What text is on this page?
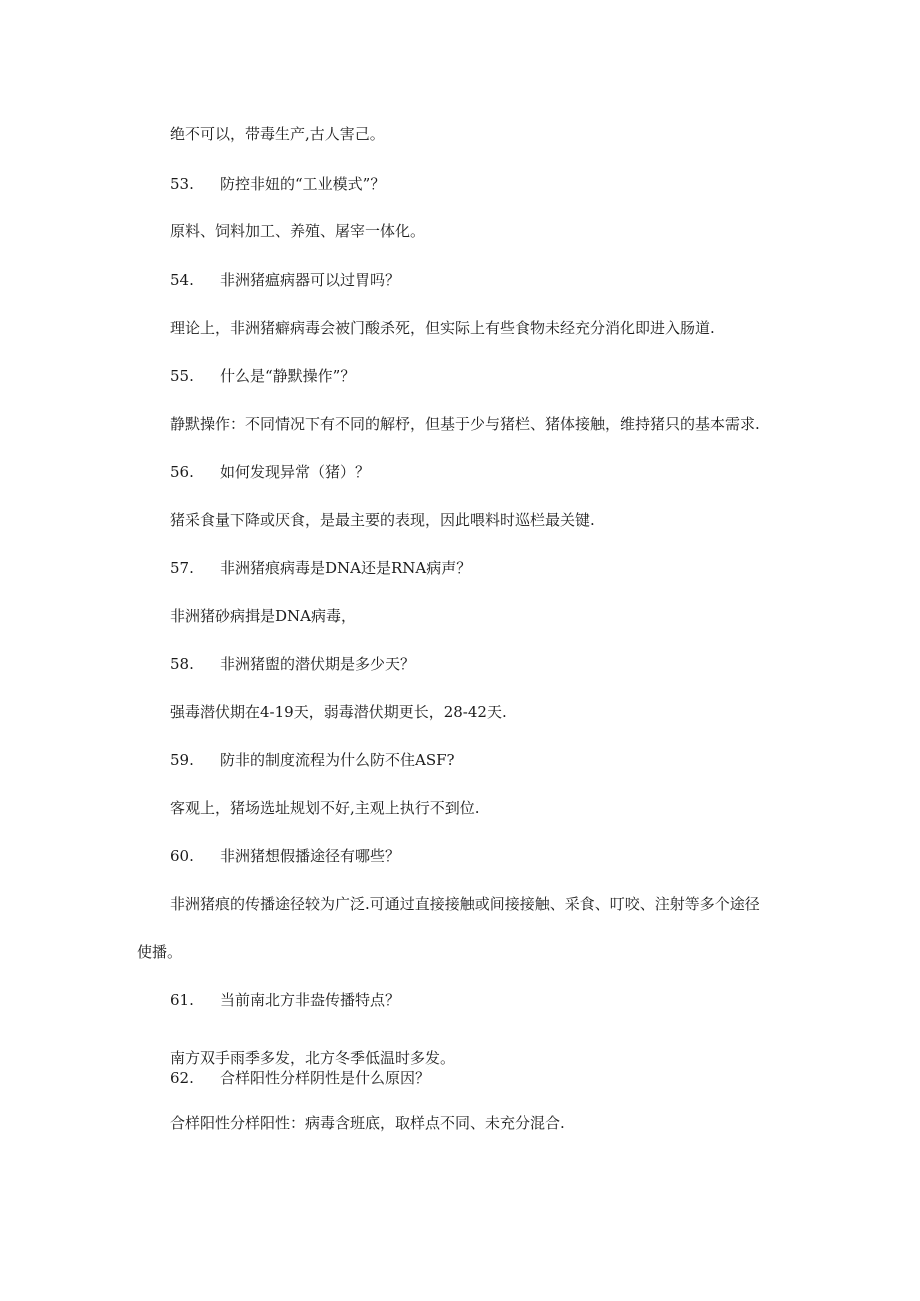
绝不可以，带毒生产,古人害己。
53. 防控非妞的“工业模式”？
原料、饲料加工、养殖、屠宰一体化。
54. 非洲猪瘟病器可以过胃吗？
理论上，非洲猪癖病毒会被门酸杀死，但实际上有些食物未经充分消化即进入肠道.
55. 什么是“静默操作”？
静默操作：不同情况下有不同的解杼，但基于少与猪栏、猪体接触，维持猪只的基本需求.
56. 如何发现异常（猪）？
猪采食量下降或厌食，是最主要的表现，因此喂料时巡栏最关键.
57. 非洲猪痕病毒是DNA还是RNA病声？
非洲猪砂病揖是DNA病毒，
58. 非洲猪盥的潜伏期是多少天？
强毒潜伏期在4-19天，弱毒潜伏期更长，28-42天.
59. 防非的制度流程为什么防不住ASF?
客观上，猪场选址规划不好,主观上执行不到位.
60. 非洲猪想假播途径有哪些？
非洲猪痕的传播途径较为广泛.可通过直接接触或间接接触、采食、叮咬、注射等多个途径
使播。
61. 当前南北方非盎传播特点？
南方双手雨季多发，北方冬季低温时多发。
62. 合样阳性分样阴性是什么原因？
合样阳性分样阳性：病毒含班底，取样点不同、未充分混合.
